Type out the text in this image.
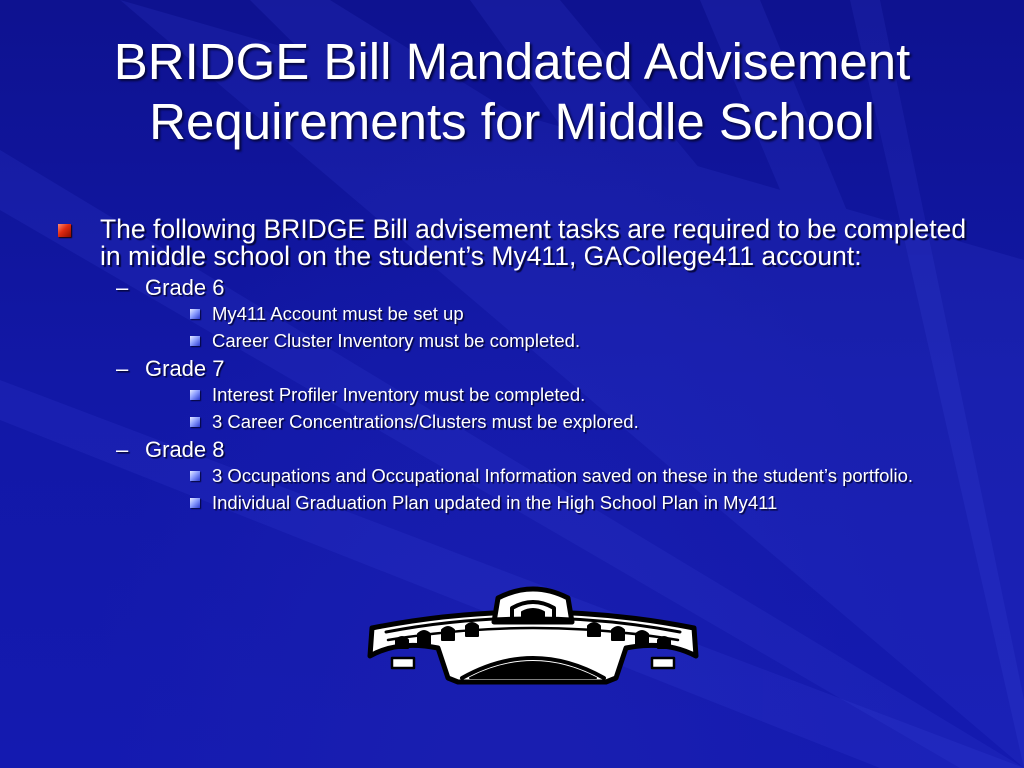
BRIDGE Bill Mandated Advisement Requirements for Middle School
The following BRIDGE Bill advisement tasks are required to be completed in middle school on the student’s My411, GACollege411 account:
– Grade 6
My411 Account must be set up
Career Cluster Inventory must be completed.
– Grade 7
Interest Profiler Inventory must be completed.
3 Career Concentrations/Clusters must be explored.
– Grade 8
3 Occupations and Occupational Information saved on these in the student’s portfolio.
Individual Graduation Plan updated in the High School Plan in My411
